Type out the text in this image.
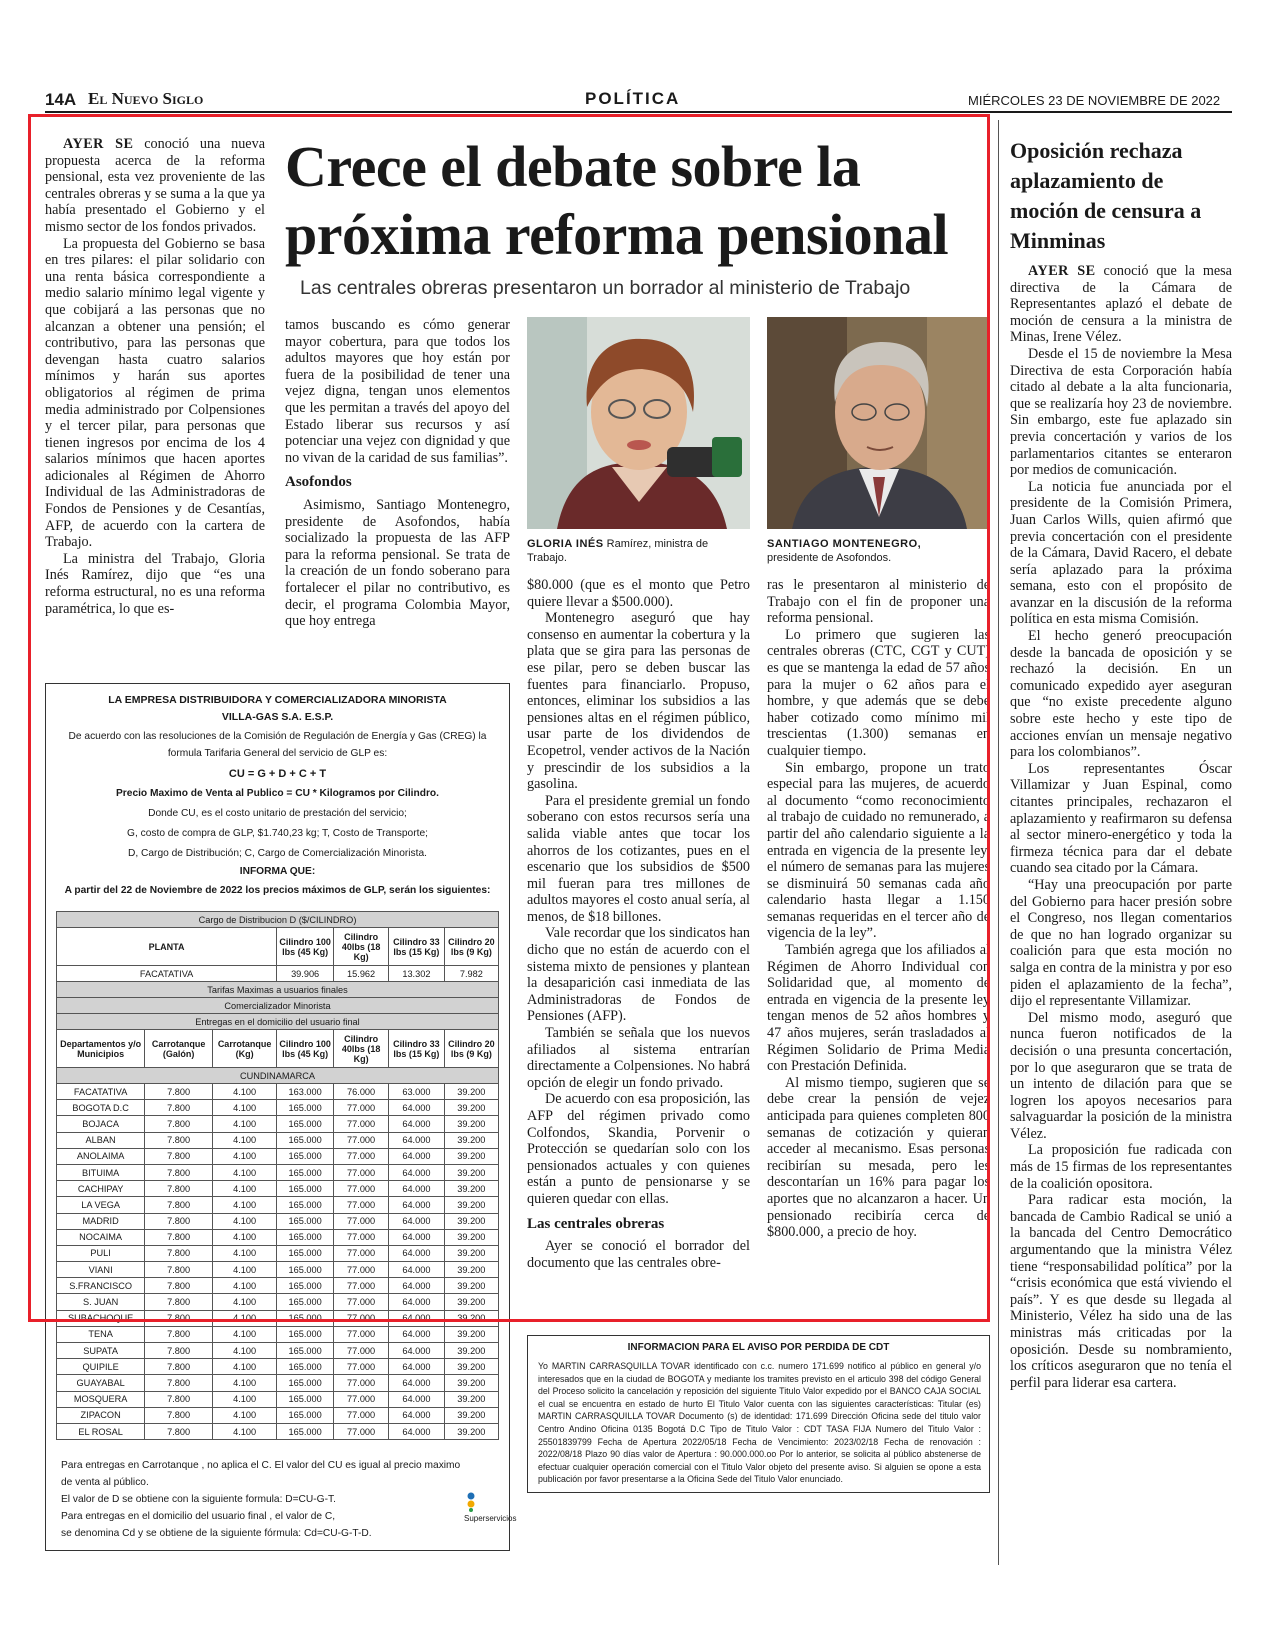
14A El Nuevo Siglo	POLÍTICA	MIÉRCOLES 23 DE NOVIEMBRE DE 2022
Crece el debate sobre la
próxima reforma pensional
Las centrales obreras presentaron un borrador al ministerio de Trabajo

AYER SE conoció una nueva propuesta acerca de la reforma pensional, esta vez proveniente de las centrales obreras y se suma a la que ya había presentado el Gobierno y el mismo sector de los fondos privados.

La propuesta del Gobierno se basa en tres pilares: el pilar solidario con una renta básica correspondiente a medio salario mínimo legal vigente y que cobijará a las personas que no alcanzan a obtener una pensión; el contributivo, para las personas que devengan hasta cuatro salarios mínimos y harán sus aportes obligatorios al régimen de prima media administrado por Colpensiones y el tercer pilar, para personas que tienen ingresos por encima de los 4 salarios mínimos que hacen aportes adicionales al Régimen de Ahorro Individual de las Administradoras de Fondos de Pensiones y de Cesantías, AFP, de acuerdo con la cartera de Trabajo.

La ministra del Trabajo, Gloria Inés Ramírez, dijo que “es una reforma estructural, no es una reforma paramétrica, lo que es-

tamos buscando es cómo generar mayor cobertura, para que todos los adultos mayores que hoy están por fuera de la posibilidad de tener una vejez digna, tengan unos elementos que les permitan a través del apoyo del Estado liberar sus recursos y así potenciar una vejez con dignidad y que no vivan de la caridad de sus familias”.

Asofondos

Asimismo, Santiago Montenegro, presidente de Asofondos, había socializado la propuesta de las AFP para la reforma pensional. Se trata de la creación de un fondo soberano para fortalecer el pilar no contributivo, es decir, el programa Colombia Mayor, que hoy entrega

GLORIA INÉS Ramírez, ministra de Trabajo.
SANTIAGO MONTENEGRO,
presidente de Asofondos.

$80.000 (que es el monto que Petro quiere llevar a $500.000).

Montenegro aseguró que hay consenso en aumentar la cobertura y la plata que se gira para las personas de ese pilar, pero se deben buscar las fuentes para financiarlo. Propuso, entonces, eliminar los subsidios a las pensiones altas en el régimen público, usar parte de los dividendos de Ecopetrol, vender activos de la Nación y prescindir de los subsidios a la gasolina.

Para el presidente gremial un fondo soberano con estos recursos sería una salida viable antes que tocar los ahorros de los cotizantes, pues en el escenario que los subsidios de $500 mil fueran para tres millones de adultos mayores el costo anual sería, al menos, de $18 billones.

Vale recordar que los sindicatos han dicho que no están de acuerdo con el sistema mixto de pensiones y plantean la desaparición casi inmediata de las Administradoras de Fondos de Pensiones (AFP).

También se señala que los nuevos afiliados al sistema entrarían directamente a Colpensiones. No habrá opción de elegir un fondo privado.

De acuerdo con esa proposición, las AFP del régimen privado como Colfondos, Skandia, Porvenir o Protección se quedarían solo con los pensionados actuales y con quienes están a punto de pensionarse y se quieren quedar con ellas.

Las centrales obreras

Ayer se conoció el borrador del documento que las centrales obre-

ras le presentaron al ministerio de Trabajo con el fin de proponer una reforma pensional.

Lo primero que sugieren las centrales obreras (CTC, CGT y CUT) es que se mantenga la edad de 57 años para la mujer o 62 años para el hombre, y que además que se debe haber cotizado como mínimo mil trescientas (1.300) semanas en cualquier tiempo.

Sin embargo, propone un trato especial para las mujeres, de acuerdo al documento “como reconocimiento al trabajo de cuidado no remunerado, a partir del año calendario siguiente a la entrada en vigencia de la presente ley, el número de semanas para las mujeres se disminuirá 50 semanas cada año calendario hasta llegar a 1.150 semanas requeridas en el tercer año de vigencia de la ley”.

También agrega que los afiliados al Régimen de Ahorro Individual con Solidaridad que, al momento de entrada en vigencia de la presente ley tengan menos de 52 años hombres y 47 años mujeres, serán trasladados al Régimen Solidario de Prima Media con Prestación Definida.

Al mismo tiempo, sugieren que se debe crear la pensión de vejez anticipada para quienes completen 800 semanas de cotización y quieran acceder al mecanismo. Esas personas recibirían su mesada, pero les descontarían un 16% para pagar los aportes que no alcanzaron a hacer. Un pensionado recibiría cerca de $800.000, a precio de hoy.

Oposición rechaza aplazamiento de moción de censura a Minminas

AYER SE conoció que la mesa directiva de la Cámara de Representantes aplazó el debate de moción de censura a la ministra de Minas, Irene Vélez.

Desde el 15 de noviembre la Mesa Directiva de esta Corporación había citado al debate a la alta funcionaria, que se realizaría hoy 23 de noviembre. Sin embargo, este fue aplazado sin previa concertación y varios de los parlamentarios citantes se enteraron por medios de comunicación.

La noticia fue anunciada por el presidente de la Comisión Primera, Juan Carlos Wills, quien afirmó que previa concertación con el presidente de la Cámara, David Racero, el debate sería aplazado para la próxima semana, esto con el propósito de avanzar en la discusión de la reforma política en esta misma Comisión.

El hecho generó preocupación desde la bancada de oposición y se rechazó la decisión. En un comunicado expedido ayer aseguran que “no existe precedente alguno sobre este hecho y este tipo de acciones envían un mensaje negativo para los colombianos”.

Los representantes Óscar Villamizar y Juan Espinal, como citantes principales, rechazaron el aplazamiento y reafirmaron su defensa al sector minero-energético y toda la firmeza técnica para dar el debate cuando sea citado por la Cámara.

“Hay una preocupación por parte del Gobierno para hacer presión sobre el Congreso, nos llegan comentarios de que no han logrado organizar su coalición para que esta moción no salga en contra de la ministra y por eso piden el aplazamiento de la fecha”, dijo el representante Villamizar.

Del mismo modo, aseguró que nunca fueron notificados de la decisión o una presunta concertación, por lo que aseguraron que se trata de un intento de dilación para que se logren los apoyos necesarios para salvaguardar la posición de la ministra Vélez.

La proposición fue radicada con más de 15 firmas de los representantes de la coalición opositora.

Para radicar esta moción, la bancada de Cambio Radical se unió a la bancada del Centro Democrático argumentando que la ministra Vélez tiene “responsabilidad política” por la “crisis económica que está viviendo el país”. Y es que desde su llegada al Ministerio, Vélez ha sido una de las ministras más criticadas por la oposición. Desde su nombramiento, los críticos aseguraron que no tenía el perfil para liderar esa cartera.

LA EMPRESA DISTRIBUIDORA Y COMERCIALIZADORA MINORISTA
VILLA-GAS S.A. E.S.P.
De acuerdo con las resoluciones de la Comisión de Regulación de Energía y Gas (CREG) la
formula Tarifaria General del servicio de GLP es:
CU = G + D + C + T
Precio Maximo de Venta al Publico = CU * Kilogramos por Cilindro.
Donde CU, es el costo unitario de prestación del servicio;
G, costo de compra de GLP, $1.740,23 kg; T, Costo de Transporte;
D, Cargo de Distribución; C, Cargo de Comercialización Minorista.
INFORMA QUE:
A partir del 22 de Noviembre de 2022 los precios máximos de GLP, serán los siguientes:
Cargo de Distribucion D ($/CILINDRO)						
PLANTA			Cilindro 100 lbs (45 Kg)	Cilindro 40lbs (18 Kg)	Cilindro 33 lbs (15 Kg)	Cilindro 20 lbs (9 Kg)
FACATATIVA			39.906	15.962	13.302	7.982
Tarifas Maximas a usuarios finales						
Comercializador Minorista						
Entregas en el domicilio del usuario final						
Departamentos y/o Municipios	Carrotanque (Galón)	Carrotanque (Kg)	Cilindro 100 lbs (45 Kg)	Cilindro 40lbs (18 Kg)	Cilindro 33 lbs (15 Kg)	Cilindro 20 lbs (9 Kg)
CUNDINAMARCA						
FACATATIVA	7.800	4.100	163.000	76.000	63.000	39.200
BOGOTA D.C	7.800	4.100	165.000	77.000	64.000	39.200
BOJACA	7.800	4.100	165.000	77.000	64.000	39.200
ALBAN	7.800	4.100	165.000	77.000	64.000	39.200
ANOLAIMA	7.800	4.100	165.000	77.000	64.000	39.200
BITUIMA	7.800	4.100	165.000	77.000	64.000	39.200
CACHIPAY	7.800	4.100	165.000	77.000	64.000	39.200
LA VEGA	7.800	4.100	165.000	77.000	64.000	39.200
MADRID	7.800	4.100	165.000	77.000	64.000	39.200
NOCAIMA	7.800	4.100	165.000	77.000	64.000	39.200
PULI	7.800	4.100	165.000	77.000	64.000	39.200
VIANI	7.800	4.100	165.000	77.000	64.000	39.200
S.FRANCISCO	7.800	4.100	165.000	77.000	64.000	39.200
S. JUAN	7.800	4.100	165.000	77.000	64.000	39.200
SUBACHOQUE	7.800	4.100	165.000	77.000	64.000	39.200
TENA	7.800	4.100	165.000	77.000	64.000	39.200
SUPATA	7.800	4.100	165.000	77.000	64.000	39.200
QUIPILE	7.800	4.100	165.000	77.000	64.000	39.200
GUAYABAL	7.800	4.100	165.000	77.000	64.000	39.200
MOSQUERA	7.800	4.100	165.000	77.000	64.000	39.200
ZIPACON	7.800	4.100	165.000	77.000	64.000	39.200
EL ROSAL	7.800	4.100	165.000	77.000	64.000	39.200
Para entregas en Carrotanque , no aplica el C. El valor del CU es igual al precio maximo
de venta al público.
El valor de D se obtiene con la siguiente formula: D=CU-G-T.
Para entregas en el domicilio del usuario final , el valor de C,
se denomina Cd y se obtiene de la siguiente fórmula: Cd=CU-G-T-D.
Superservicios
INFORMACION PARA EL AVISO POR PERDIDA DE CDT
Yo MARTIN CARRASQUILLA TOVAR identificado con c.c. numero 171.699 notifico al público en general y/o interesados que en la ciudad de BOGOTA y mediante los tramites previsto en el articulo 398 del código General del Proceso solicito la cancelación y reposición del siguiente Titulo Valor expedido por el BANCO CAJA SOCIAL el cual se encuentra en estado de hurto El Titulo Valor cuenta con las siguientes características: Titular (es) MARTIN CARRASQUILLA TOVAR Documento (s) de identidad: 171.699 Dirección Oficina sede del titulo valor Centro Andino Oficina 0135 Bogotá D.C Tipo de Titulo Valor : CDT TASA FIJA Numero del Titulo Valor : 25501839799 Fecha de Apertura 2022/05/18 Fecha de Vencimiento: 2023/02/18 Fecha de renovación : 2022/08/18 Plazo 90 días valor de Apertura : 90.000.000.oo Por lo anterior, se solicita al público abstenerse de efectuar cualquier operación comercial con el Titulo Valor objeto del presente aviso. Si alguien se opone a esta publicación por favor presentarse a la Oficina Sede del Titulo Valor enunciado.
